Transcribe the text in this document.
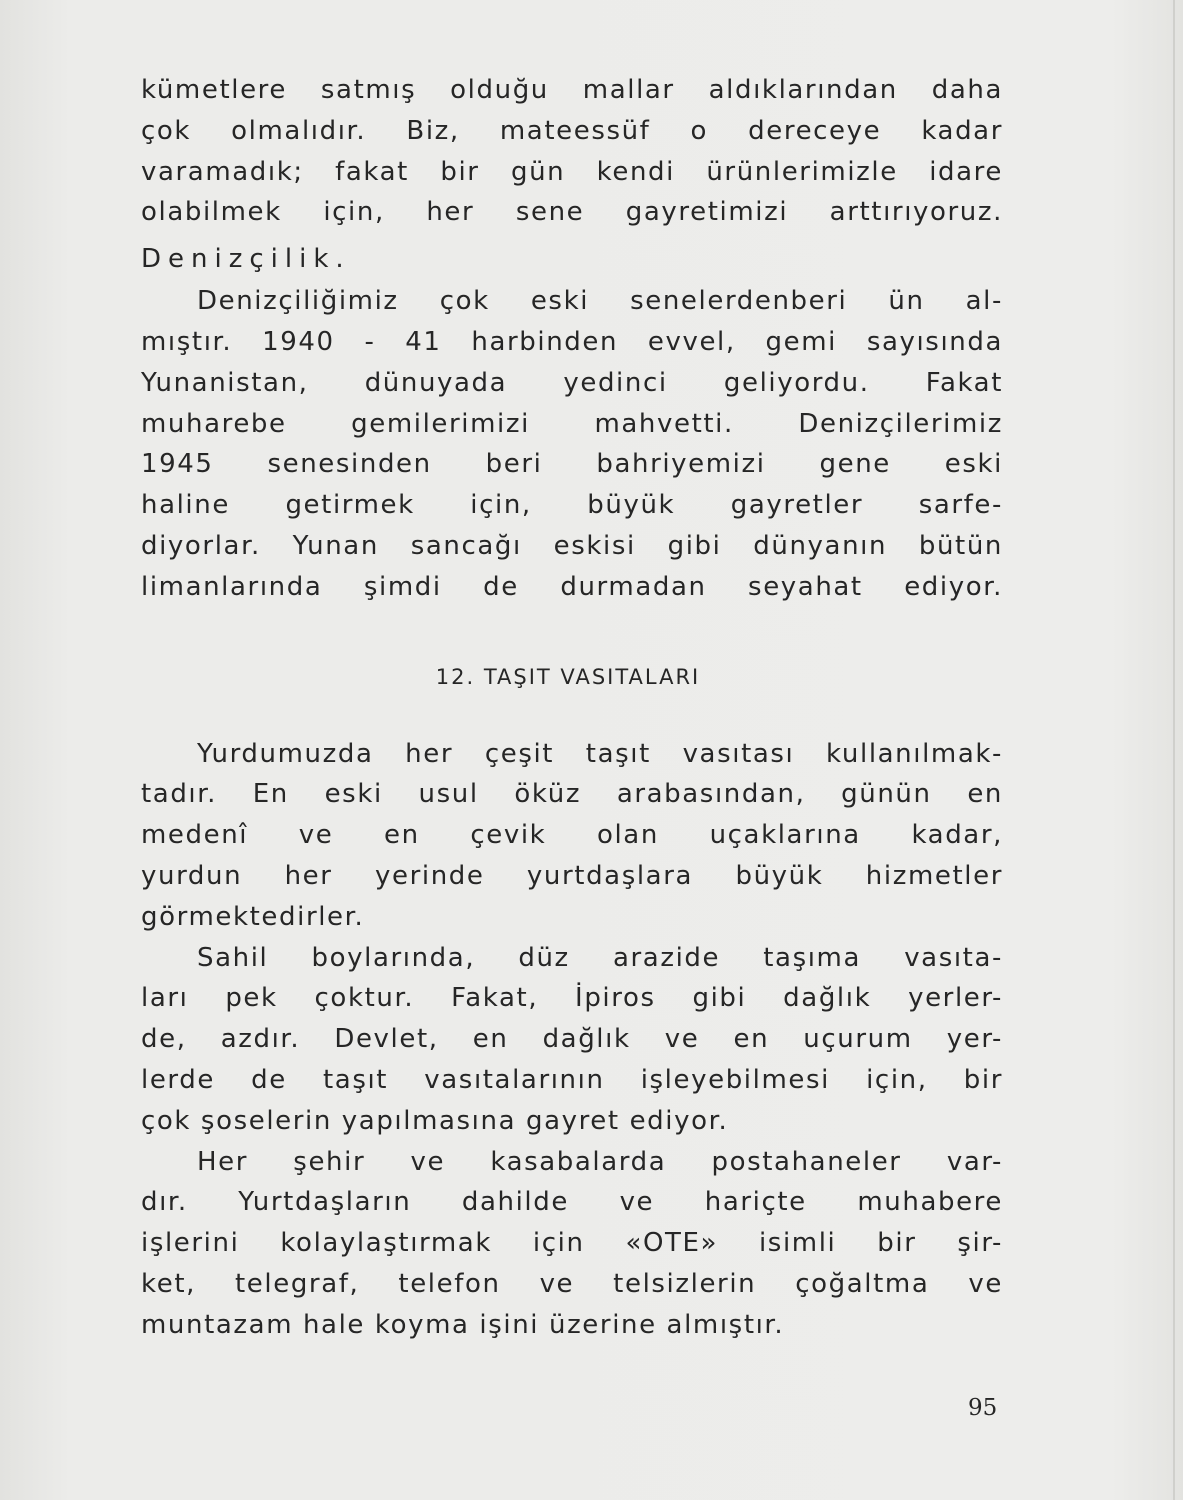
kümetlere satmış olduğu mallar aldıklarından daha
çok olmalıdır. Biz, mateessüf o dereceye kadar
varamadık; fakat bir gün kendi ürünlerimizle idare
olabilmek için, her sene gayretimizi arttırıyoruz.
Denizçilik.
Denizçiliğimiz çok eski senelerdenberi ün al-
mıştır. 1940 - 41 harbinden evvel, gemi sayısında
Yunanistan, dünuyada yedinci geliyordu. Fakat
muharebe gemilerimizi mahvetti. Denizçilerimiz
1945 senesinden beri bahriyemizi gene eski
haline getirmek için, büyük gayretler sarfe-
diyorlar. Yunan sancağı eskisi gibi dünyanın bütün
limanlarında şimdi de durmadan seyahat ediyor.
12. TAŞIT VASITALARI
Yurdumuzda her çeşit taşıt vasıtası kullanılmak-
tadır. En eski usul öküz arabasından, günün en
medenî ve en çevik olan uçaklarına kadar,
yurdun her yerinde yurtdaşlara büyük hizmetler
görmektedirler.
Sahil boylarında, düz arazide taşıma vasıta-
ları pek çoktur. Fakat, İpiros gibi dağlık yerler-
de, azdır. Devlet, en dağlık ve en uçurum yer-
lerde de taşıt vasıtalarının işleyebilmesi için, bir
çok şoselerin yapılmasına gayret ediyor.
Her şehir ve kasabalarda postahaneler var-
dır. Yurtdaşların dahilde ve hariçte muhabere
işlerini kolaylaştırmak için «OTE» isimli bir şir-
ket, telegraf, telefon ve telsizlerin çoğaltma ve
muntazam hale koyma işini üzerine almıştır.
95
